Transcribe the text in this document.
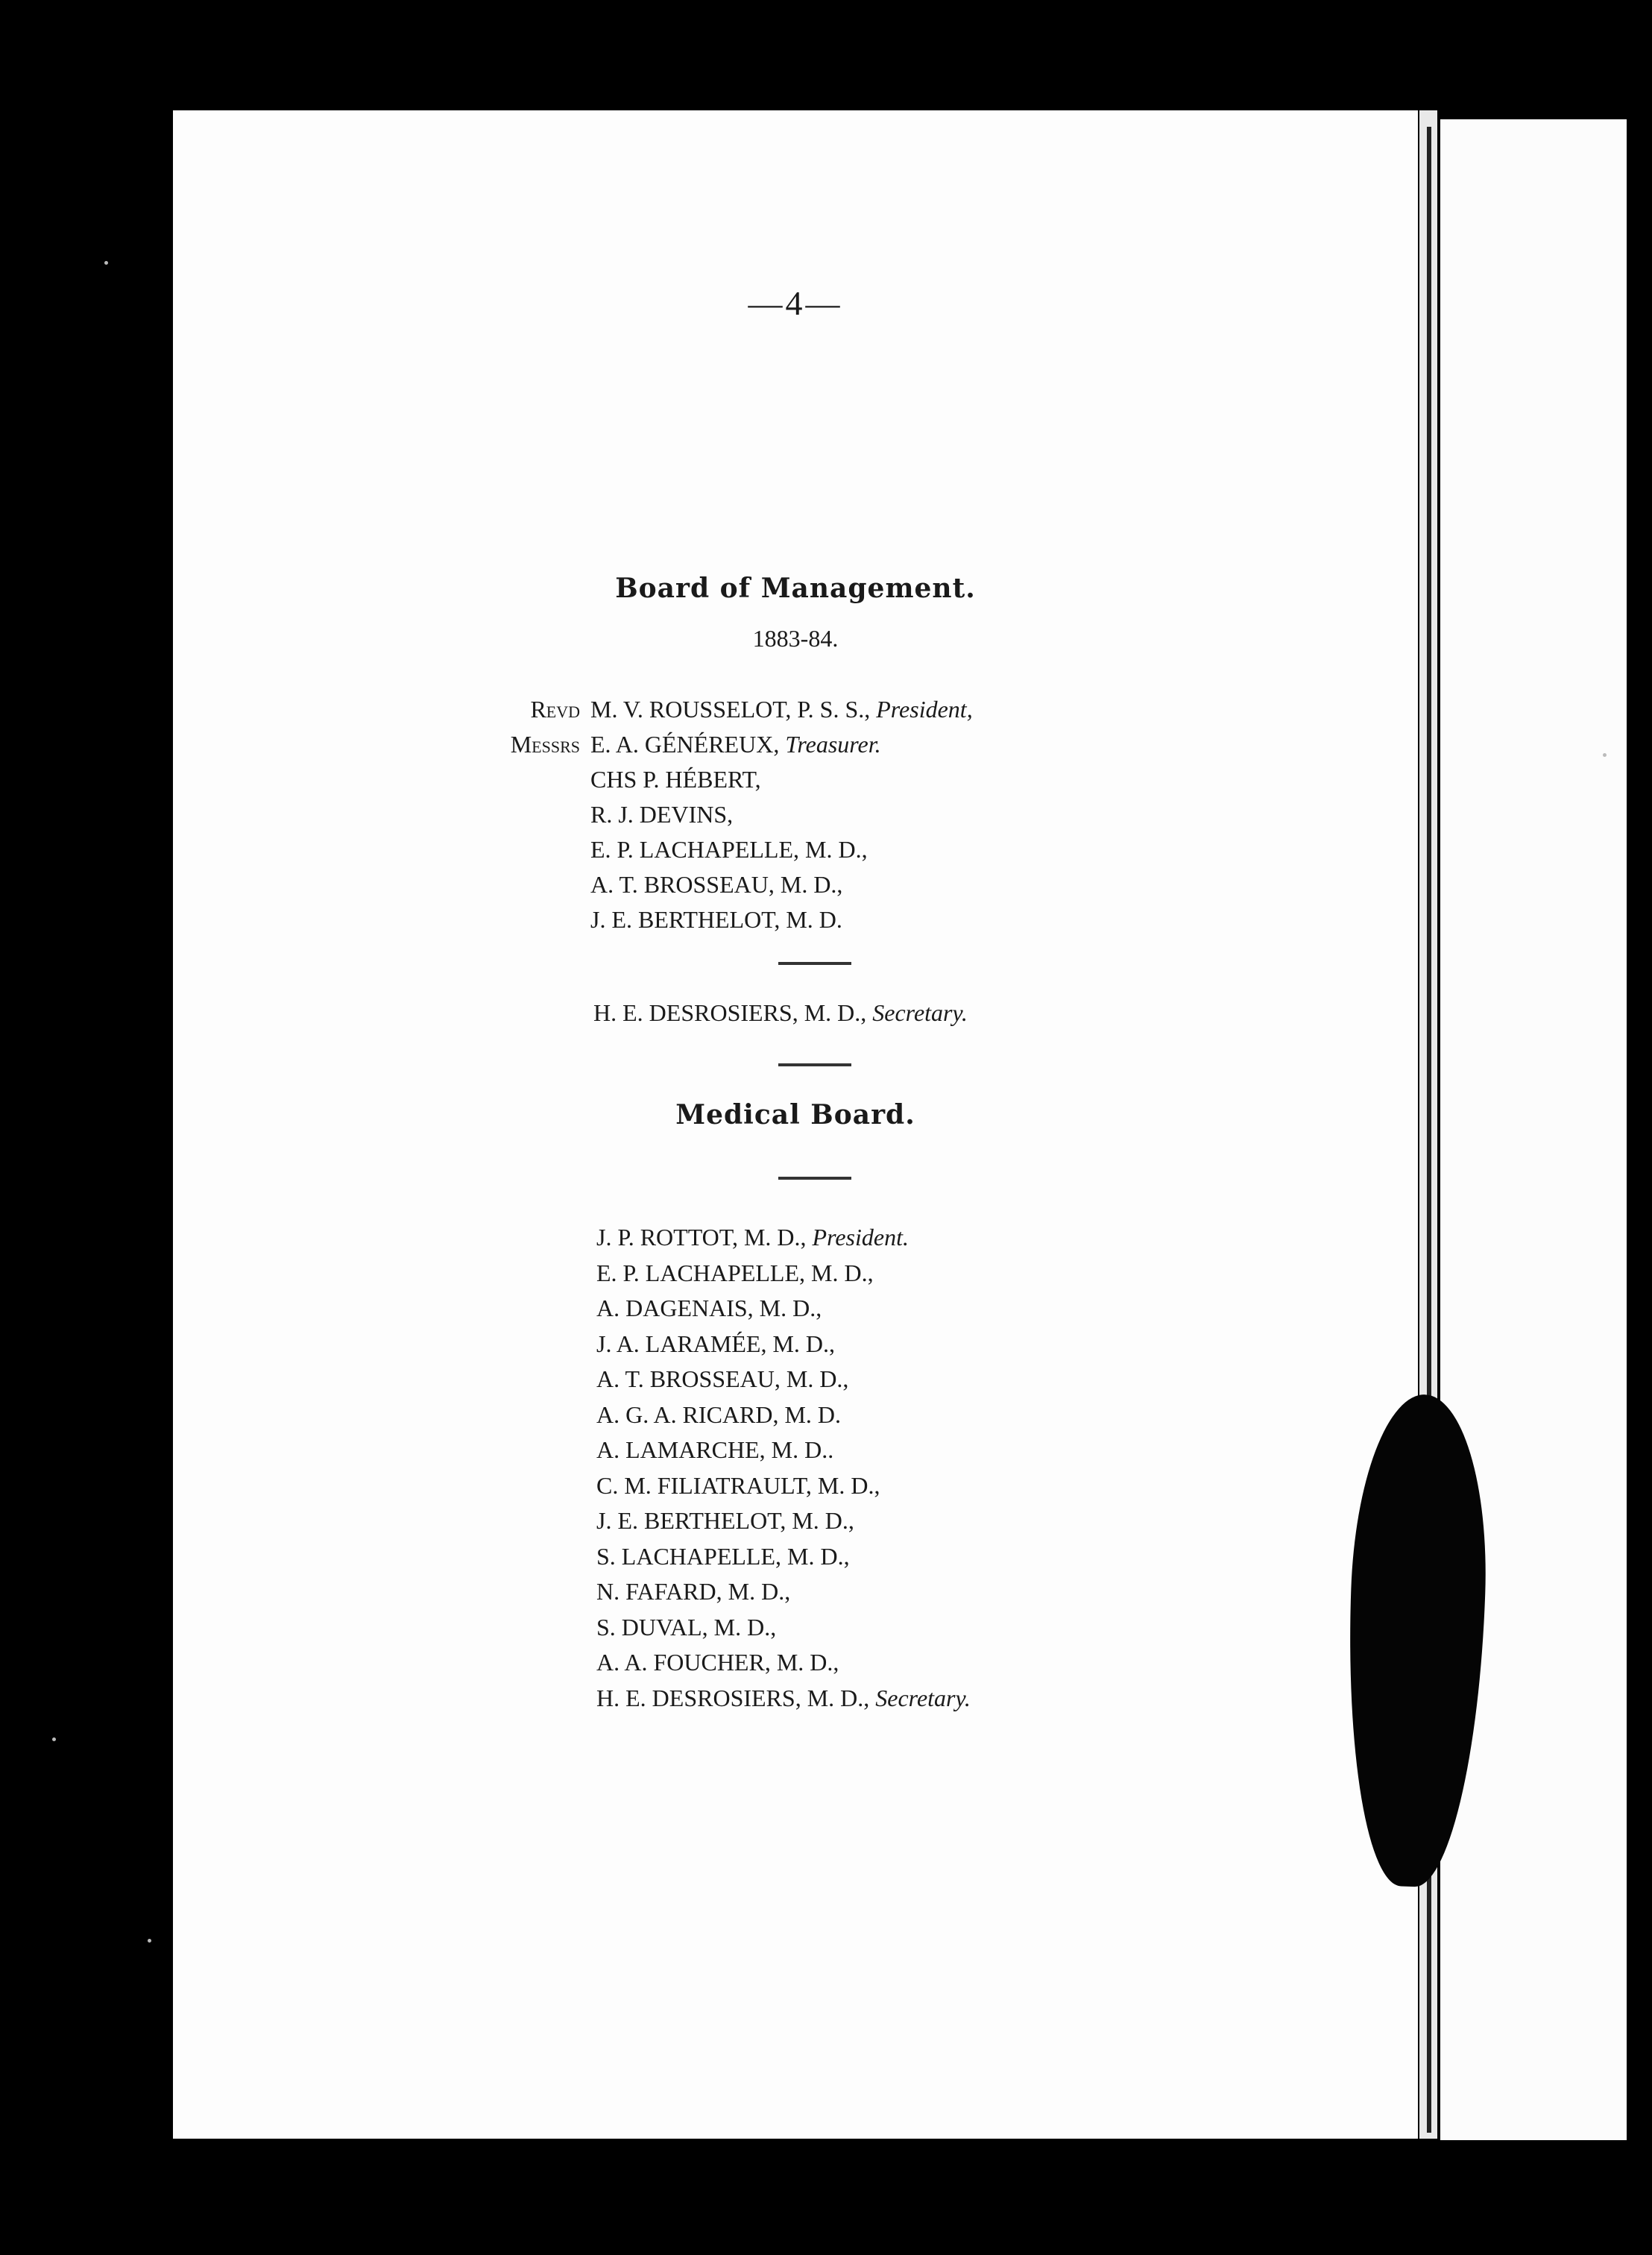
—4—
Board of Management.
1883-84.
Revd M. V. ROUSSELOT, P. S. S., President,
Messrs E. A. GÉNÉREUX, Treasurer.
CHS P. HÉBERT,
R. J. DEVINS,
E. P. LACHAPELLE, M. D.,
A. T. BROSSEAU, M. D.,
J. E. BERTHELOT, M. D.
H. E. DESROSIERS, M. D., Secretary.
Medical Board.
J. P. ROTTOT, M. D., President.
E. P. LACHAPELLE, M. D.,
A. DAGENAIS, M. D.,
J. A. LARAMÉE, M. D.,
A. T. BROSSEAU, M. D.,
A. G. A. RICARD, M. D.
A. LAMARCHE, M. D..
C. M. FILIATRAULT, M. D.,
J. E. BERTHELOT, M. D.,
S. LACHAPELLE, M. D.,
N. FAFARD, M. D.,
S. DUVAL, M. D.,
A. A. FOUCHER, M. D.,
H. E. DESROSIERS, M. D., Secretary.
